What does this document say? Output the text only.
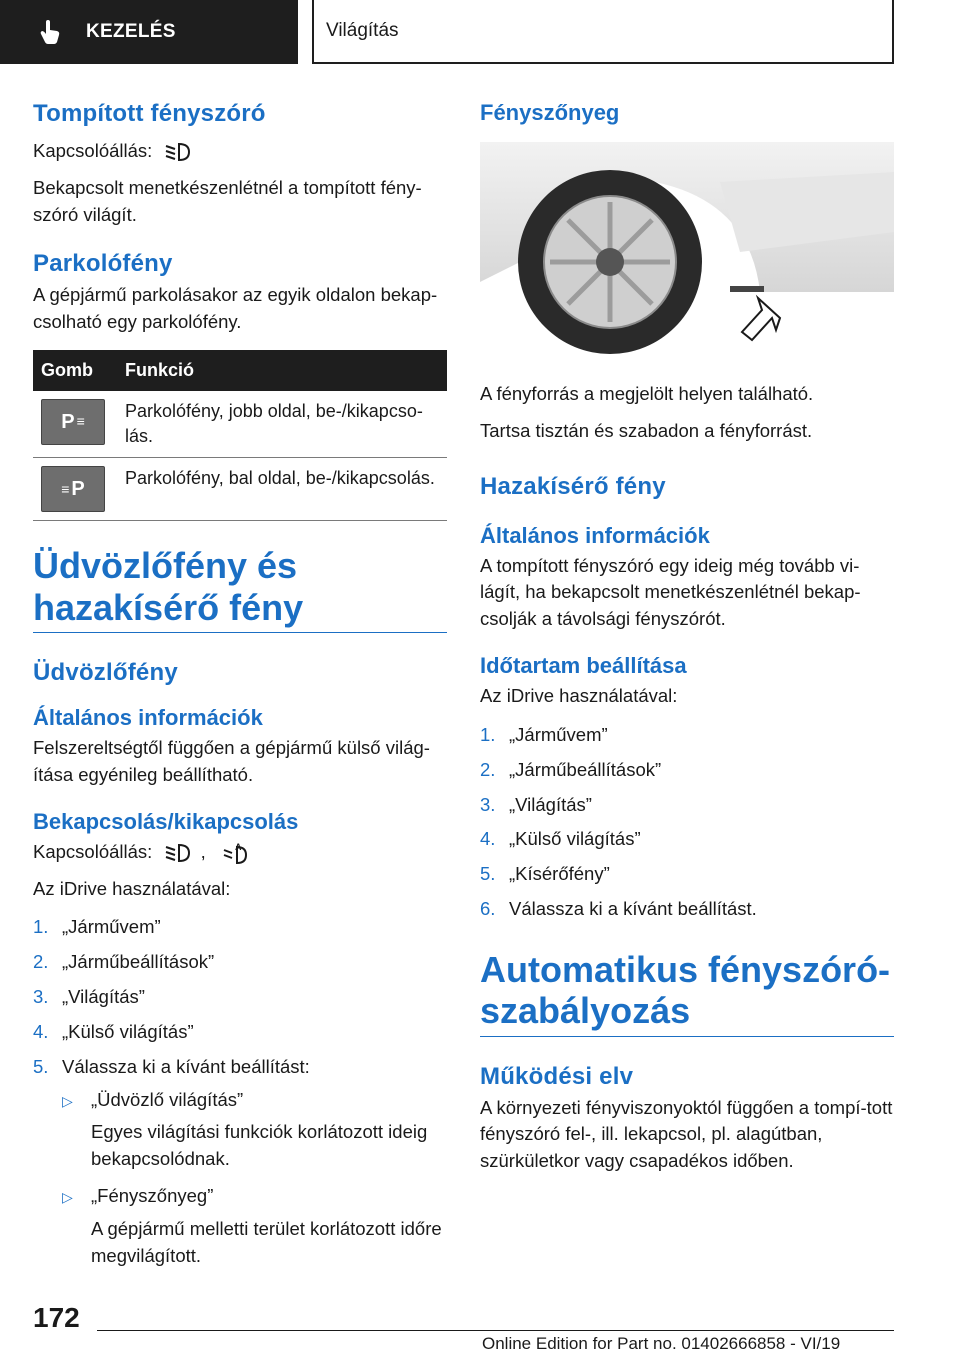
KEZELÉS	Világítás
Tompított fényszóró

Kapcsolóállás:

Bekapcsolt menetkészenlétnél a tompított fény-szóró világít.

Parkolófény

A gépjármű parkolásakor az egyik oldalon bekap-csolható egy parkolófény.

Gomb	Funkció

P ≡	Parkolófény, jobb oldal, be-/kikapcso-lás.

≡ P	Parkolófény, bal oldal, be-/kikapcsolás.
Üdvözlőfény és hazakísérő fény
Üdvözlőfény
Általános információk

Felszereltségtől függően a gépjármű külső világ-ítása egyénileg beállítható.

Bekapcsolás/kikapcsolás

Kapcsolóállás:	,	A

Az iDrive használatával:

1. „Járművem”
2. „Járműbeállítások”
3. „Világítás”
4. „Külső világítás”
5. Válassza ki a kívánt beállítást:
▷ „Üdvözlő világítás”
Egyes világítási funkciók korlátozott ideig bekapcsolódnak.
▷ „Fényszőnyeg”
A gépjármű melletti terület korlátozott időre megvilágított.
Fényszőnyeg

A fényforrás a megjelölt helyen található.

Tartsa tisztán és szabadon a fényforrást.

Hazakísérő fény
Általános információk

A tompított fényszóró egy ideig még tovább vi-lágít, ha bekapcsolt menetkészenlétnél bekap-csolják a távolsági fényszórót.

Időtartam beállítása

Az iDrive használatával:

1. „Járművem”
2. „Járműbeállítások”
3. „Világítás”
4. „Külső világítás”
5. „Kísérőfény”
6. Válassza ki a kívánt beállítást.
Automatikus fényszóró-szabályozás
Működési elv

A környezeti fényviszonyoktól függően a tompí-tott fényszóró fel-, ill. lekapcsol, pl. alagútban, szürkületkor vagy csapadékos időben.

172
Online Edition for Part no. 01402666858 - VI/19
